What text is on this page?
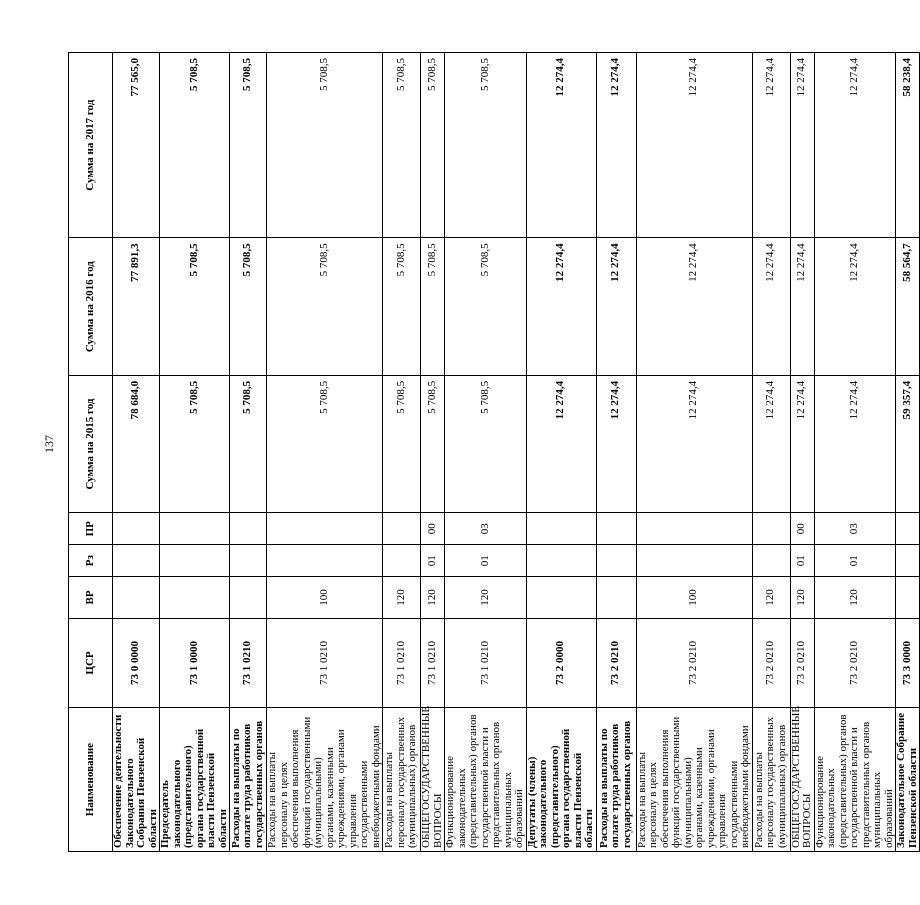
137
Наименование	ЦСР	ВР	Рз	ПР	Сумма на 2015 год	Сумма на 2016 год	Сумма на 2017 год
Обеспечение деятельности Законодательного Собрания Пензенской области	73 0 0000				78 684,0	77 891,3	77 565,0
Председатель законодательного (представительного) органа государственной власти Пензенской области	73 1 0000				5 708,5	5 708,5	5 708,5
Расходы на выплаты по оплате труда работников государственных органов	73 1 0210				5 708,5	5 708,5	5 708,5
Расходы на выплаты персоналу в целях обеспечения выполнения функций государственными (муниципальными) органами, казенными учреждениями, органами управления государственными внебюджетными фондами	73 1 0210	100			5 708,5	5 708,5	5 708,5
Расходы на выплаты персоналу государственных (муниципальных) органов	73 1 0210	120			5 708,5	5 708,5	5 708,5
ОБЩЕГОСУДАРСТВЕННЫЕ ВОПРОСЫ	73 1 0210	120	01	00	5 708,5	5 708,5	5 708,5
Функционирование законодательных (представительных) органов государственной власти и представительных органов муниципальных образований	73 1 0210	120	01	03	5 708,5	5 708,5	5 708,5
Депутаты (члены) законодательного (представительного) органа государственной власти Пензенской области	73 2 0000				12 274,4	12 274,4	12 274,4
Расходы на выплаты по оплате труда работников государственных органов	73 2 0210				12 274,4	12 274,4	12 274,4
Расходы на выплаты персоналу в целях обеспечения выполнения функций государственными (муниципальными) органами, казенными учреждениями, органами управления государственными внебюджетными фондами	73 2 0210	100			12 274,4	12 274,4	12 274,4
Расходы на выплаты персоналу государственных (муниципальных) органов	73 2 0210	120			12 274,4	12 274,4	12 274,4
ОБЩЕГОСУДАРСТВЕННЫЕ ВОПРОСЫ	73 2 0210	120	01	00	12 274,4	12 274,4	12 274,4
Функционирование законодательных (представительных) органов государственной власти и представительных органов муниципальных образований	73 2 0210	120	01	03	12 274,4	12 274,4	12 274,4
Законодательное Собрание Пензенской области	73 3 0000				59 357,4	58 564,7	58 238,4
